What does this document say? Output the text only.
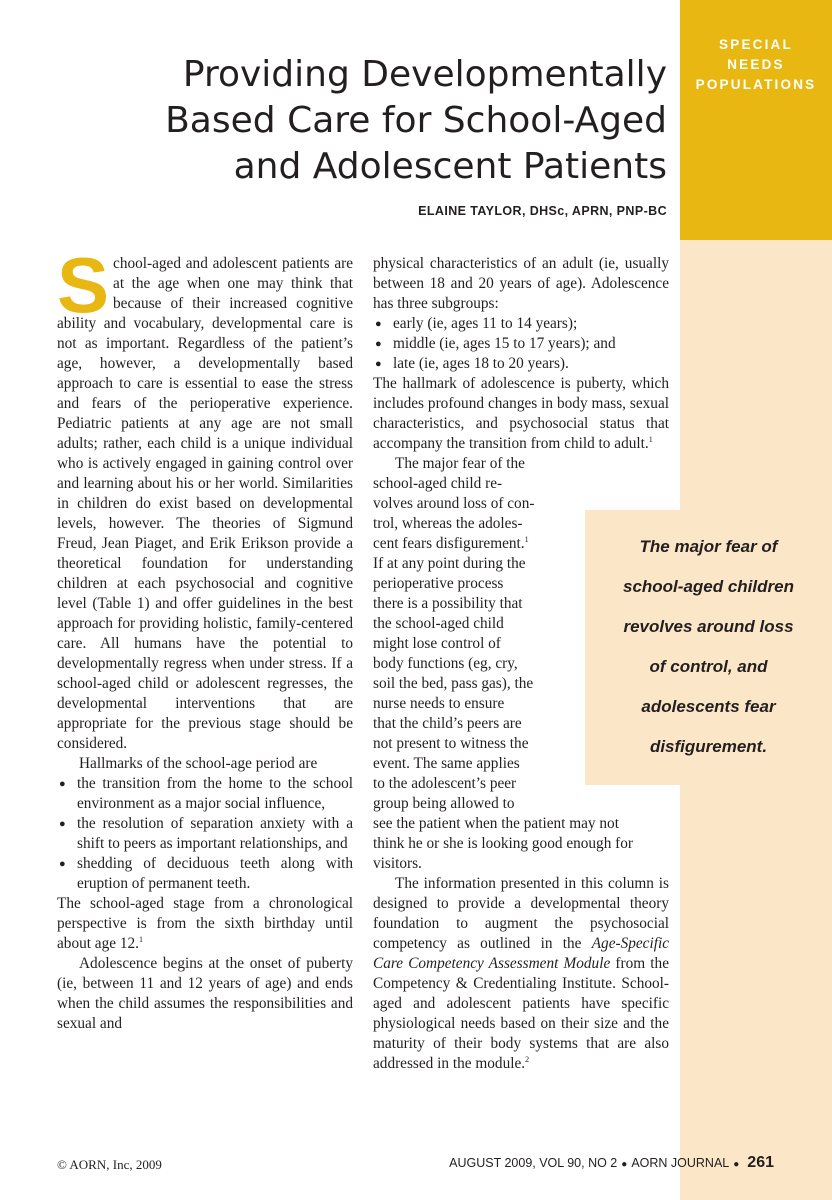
SPECIAL
NEEDS
POPULATIONS
Providing Developmentally
Based Care for School-Aged
and Adolescent Patients
ELAINE TAYLOR, DHSc, APRN, PNP-BC

School-aged and adolescent patients are at the age when one may think that because of their increased cognitive ability and vocabulary, developmental care is not as important. Regardless of the patient’s age, however, a developmentally based approach to care is essential to ease the stress and fears of the perioperative experience. Pediatric patients at any age are not small adults; rather, each child is a unique individual who is actively engaged in gaining control over and learning about his or her world. Similarities in children do exist based on developmental levels, however. The theories of Sigmund Freud, Jean Piaget, and Erik Erikson provide a theoretical foundation for understanding children at each psychosocial and cognitive level (Table 1) and offer guidelines in the best approach for providing holistic, family-centered care. All humans have the potential to developmentally regress when under stress. If a school-aged child or adolescent regresses, the developmental interventions that are appropriate for the previous stage should be considered.

Hallmarks of the school-age period are

● the transition from the home to the school environment as a major social influence,
● the resolution of separation anxiety with a shift to peers as important relationships, and
● shedding of deciduous teeth along with eruption of permanent teeth.

The school-aged stage from a chronological perspective is from the sixth birthday until about age 12.$^1$

Adolescence begins at the onset of puberty (ie, between 11 and 12 years of age) and ends when the child assumes the responsibilities and sexual and

physical characteristics of an adult (ie, usually between 18 and 20 years of age). Adolescence has three subgroups:

● early (ie, ages 11 to 14 years);
● middle (ie, ages 15 to 17 years); and
● late (ie, ages 18 to 20 years).

The hallmark of adolescence is puberty, which includes profound changes in body mass, sexual characteristics, and psychosocial status that accompany the transition from child to adult.$^1$

The major fear of the
school-aged child re-
volves around loss of con-
trol, whereas the adoles-
cent fears disfigurement.$^1$
If at any point during the
perioperative process
there is a possibility that
the school-aged child
might lose control of
body functions (eg, cry,
soil the bed, pass gas), the
nurse needs to ensure
that the child’s peers are
not present to witness the
event. The same applies
to the adolescent’s peer
group being allowed to
see the patient when the patient may not think he or she is looking good enough for visitors.

The information presented in this column is designed to provide a developmental theory foundation to augment the psychosocial competency as outlined in the Age-Specific Care Competency Assessment Module from the Competency & Credentialing Institute. School-aged and adolescent patients have specific physiological needs based on their size and the maturity of their body systems that are also addressed in the module.$^2$

The major fear of
school-aged children
revolves around loss
of control, and
adolescents fear
disfigurement.
© AORN, Inc, 2009	AUGUST 2009, VOL 90, NO 2 ● AORN JOURNAL ● 261
